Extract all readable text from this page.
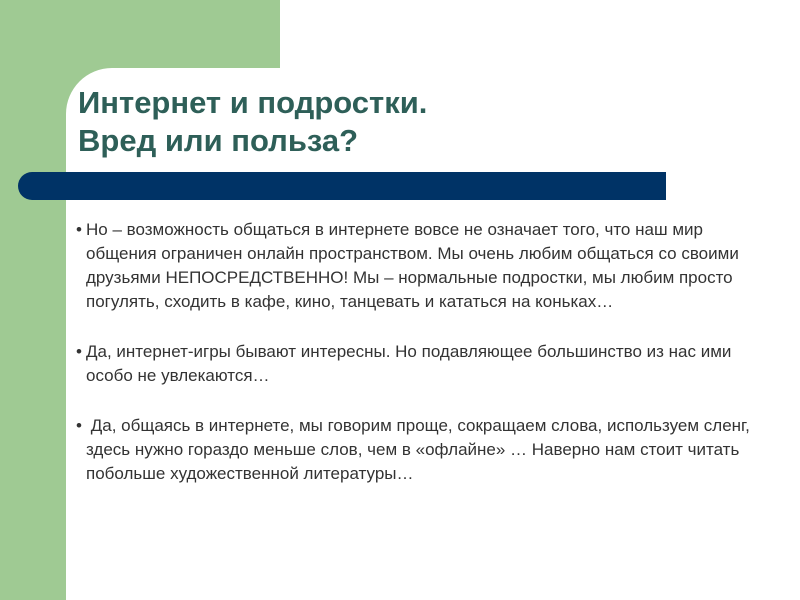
Интернет и подростки.
Вред или польза?

• Но – возможность общаться в интернете вовсе не означает того, что наш мир общения ограничен онлайн пространством. Мы очень любим общаться со своими друзьями НЕПОСРЕДСТВЕННО! Мы – нормальные подростки, мы любим просто погулять, сходить в кафе, кино, танцевать и кататься на коньках…

• Да, интернет-игры бывают интересны. Но подавляющее большинство из нас ими особо не увлекаются…

• Да, общаясь в интернете, мы говорим проще, сокращаем слова, используем сленг, здесь нужно гораздо меньше слов, чем в «офлайне» … Наверно нам стоит читать побольше художественной литературы…
